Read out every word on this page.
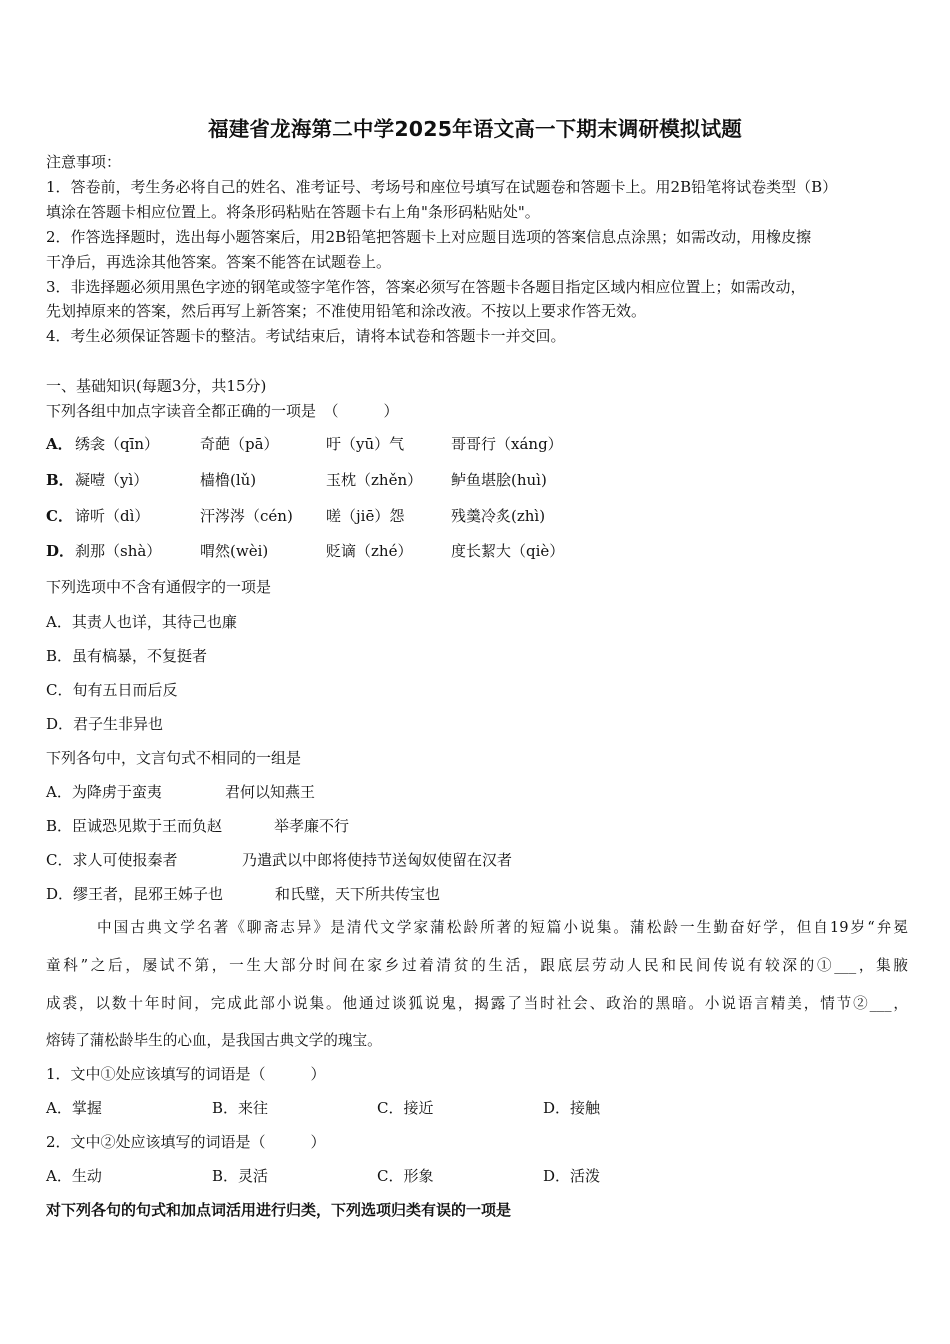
福建省龙海第二中学2025年语文高一下期末调研模拟试题
注意事项：
1．答卷前，考生务必将自己的姓名、准考证号、考场号和座位号填写在试题卷和答题卡上。用2B铅笔将试卷类型（B）
填涂在答题卡相应位置上。将条形码粘贴在答题卡右上角"条形码粘贴处"。
2．作答选择题时，选出每小题答案后，用2B铅笔把答题卡上对应题目选项的答案信息点涂黑；如需改动，用橡皮擦
干净后，再选涂其他答案。答案不能答在试题卷上。
3．非选择题必须用黑色字迹的钢笔或签字笔作答，答案必须写在答题卡各题目指定区域内相应位置上；如需改动，
先划掉原来的答案，然后再写上新答案；不准使用铅笔和涂改液。不按以上要求作答无效。
4．考生必须保证答题卡的整洁。考试结束后，请将本试卷和答题卡一并交回。
一、基础知识(每题3分，共15分)
下列各组中加点字读音全都正确的一项是　（　　　）
A． 绣衾（qīn）	奇葩（pā）	吁（yū）气	哥哥行（xáng）
B． 凝噎（yì）	樯橹(lǔ)	玉枕（zhěn） 鲈鱼堪脍(huì)
C． 谛听（dì）	汗涔涔（cén) 嗟（jiē）怨	残羹冷炙(zhì)
D． 刹那（shà）	喟然(wèi)	贬谪（zhé）	度长絜大（qiè）
下列选项中不含有通假字的一项是
A．其责人也详，其待己也廉
B．虽有槁暴，不复挺者
C．旬有五日而后反
D．君子生非异也
下列各句中，文言句式不相同的一组是
A．为降虏于蛮夷	君何以知燕王
B．臣诚恐见欺于王而负赵	举孝廉不行
C．求人可使报秦者	乃遣武以中郎将使持节送匈奴使留在汉者
D．缪王者，昆邪王姊子也	和氏璧，天下所共传宝也
中国古典文学名著《聊斋志异》是清代文学家蒲松龄所著的短篇小说集。蒲松龄一生勤奋好学，但自19岁“弁冕
童科”之后，屡试不第，一生大部分时间在家乡过着清贫的生活，跟底层劳动人民和民间传说有较深的①___，集腋
成裘，以数十年时间，完成此部小说集。他通过谈狐说鬼，揭露了当时社会、政治的黑暗。小说语言精美，情节②___，
熔铸了蒲松龄毕生的心血，是我国古典文学的瑰宝。
1．文中①处应该填写的词语是（　　　）
A．掌握	B．来往	C．接近	D．接触
2．文中②处应该填写的词语是（　　　）
A．生动	B．灵活	C．形象	D．活泼
对下列各句的句式和加点词活用进行归类，下列选项归类有误的一项是
